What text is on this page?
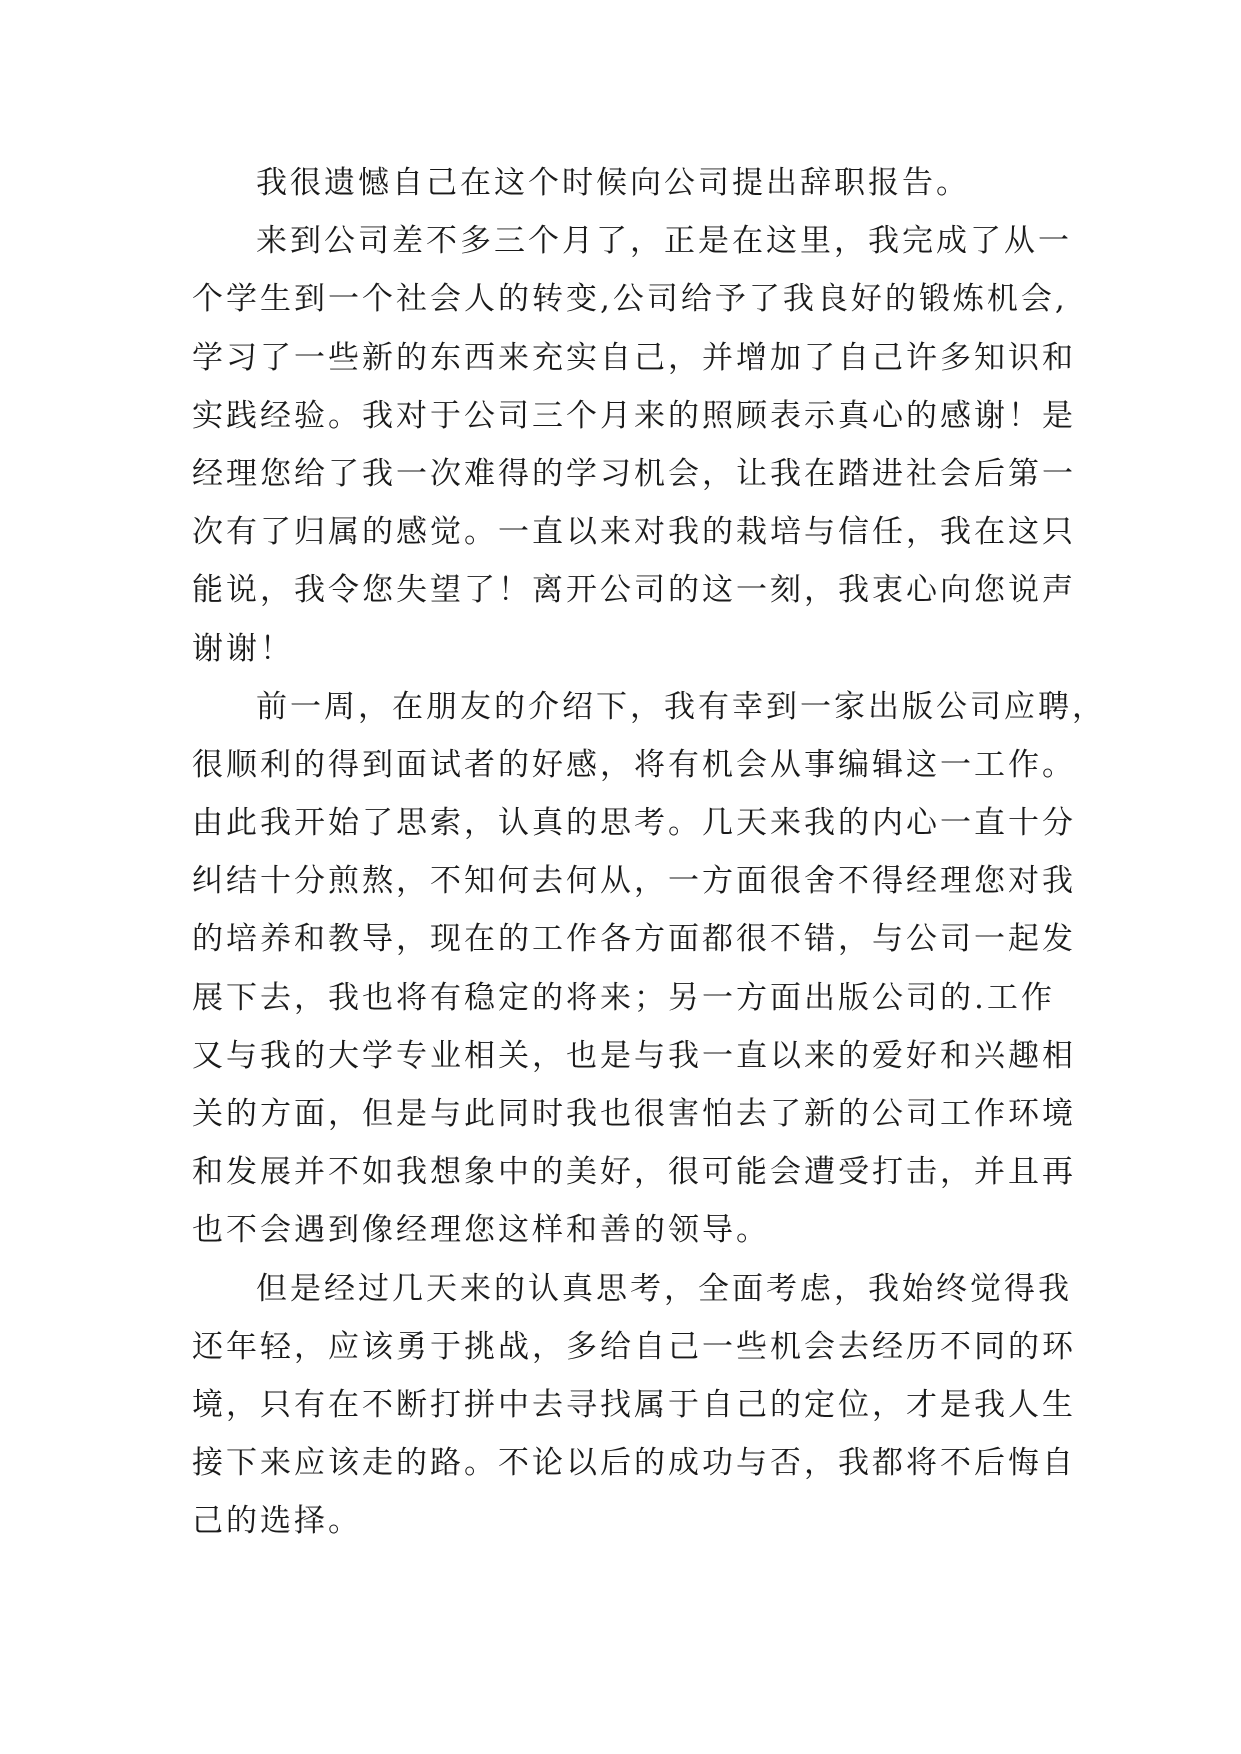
我很遗憾自己在这个时候向公司提出辞职报告。
来到公司差不多三个月了，正是在这里，我完成了从一
个学生到一个社会人的转变,公司给予了我良好的锻炼机会,
学习了一些新的东西来充实自己，并增加了自己许多知识和
实践经验。我对于公司三个月来的照顾表示真心的感谢！是
经理您给了我一次难得的学习机会，让我在踏进社会后第一
次有了归属的感觉。一直以来对我的栽培与信任，我在这只
能说，我令您失望了！离开公司的这一刻，我衷心向您说声
谢谢！
前一周，在朋友的介绍下，我有幸到一家出版公司应聘，
很顺利的得到面试者的好感，将有机会从事编辑这一工作。
由此我开始了思索，认真的思考。几天来我的内心一直十分
纠结十分煎熬，不知何去何从，一方面很舍不得经理您对我
的培养和教导，现在的工作各方面都很不错，与公司一起发
展下去，我也将有稳定的将来；另一方面出版公司的.工作
又与我的大学专业相关，也是与我一直以来的爱好和兴趣相
关的方面，但是与此同时我也很害怕去了新的公司工作环境
和发展并不如我想象中的美好，很可能会遭受打击，并且再
也不会遇到像经理您这样和善的领导。
但是经过几天来的认真思考，全面考虑，我始终觉得我
还年轻，应该勇于挑战，多给自己一些机会去经历不同的环
境，只有在不断打拼中去寻找属于自己的定位，才是我人生
接下来应该走的路。不论以后的成功与否，我都将不后悔自
己的选择。
